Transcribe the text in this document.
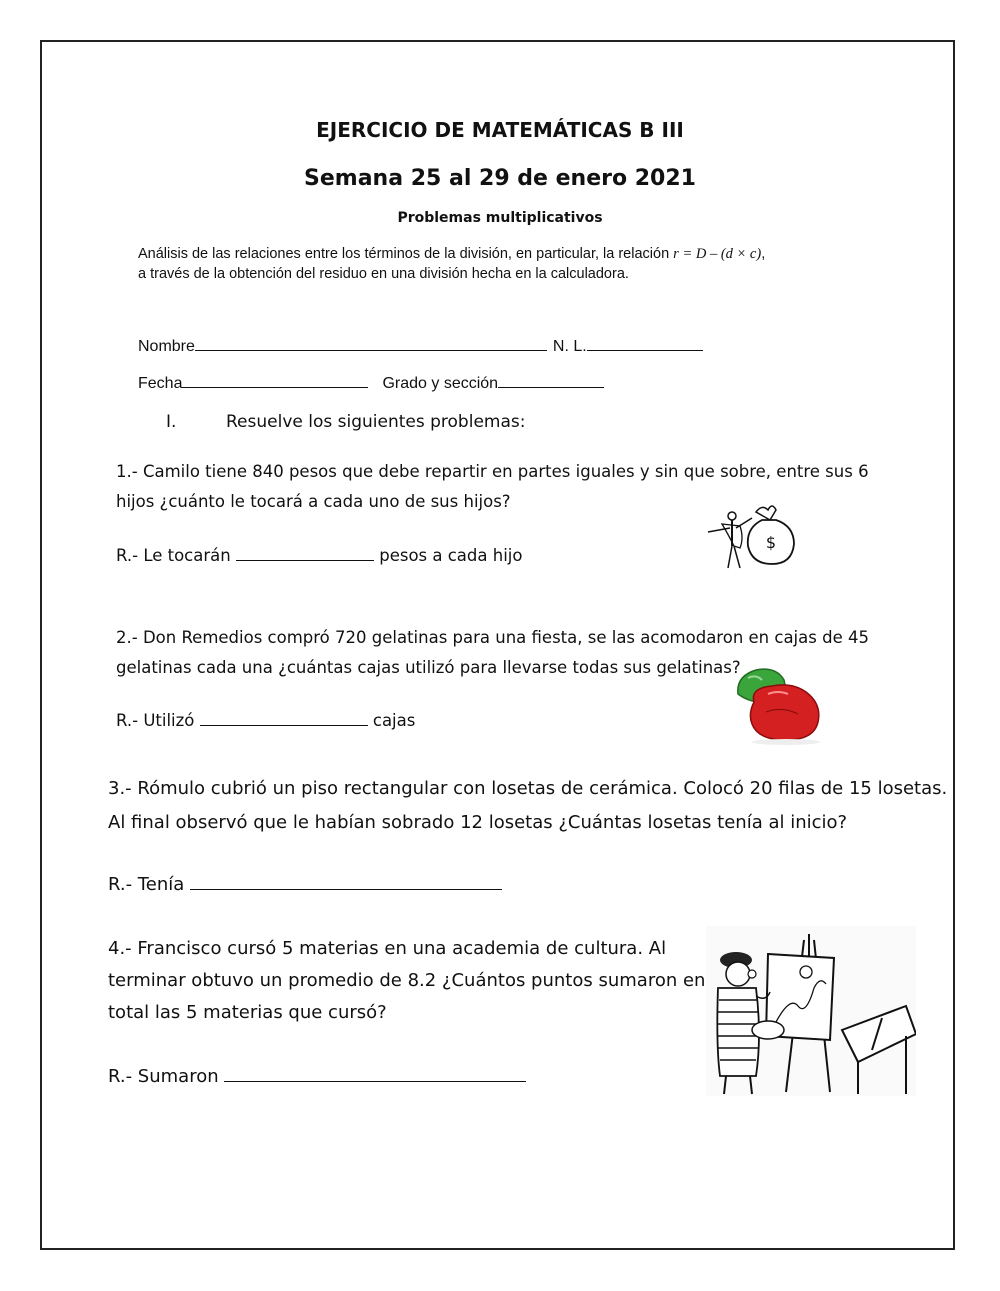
EJERCICIO DE MATEMÁTICAS B III
Semana 25 al 29 de enero 2021
Problemas multiplicativos
Análisis de las relaciones entre los términos de la división, en particular, la relación r = D – (d × c),
a través de la obtención del residuo en una división hecha en la calculadora.
Nombre	N. L.
Fecha	Grado y sección
I.	Resuelve los siguientes problemas:
1.- Camilo tiene 840 pesos que debe repartir en partes iguales y sin que sobre, entre sus 6
hijos ¿cuánto le tocará a cada uno de sus hijos?
R.- Le tocarán	pesos a cada hijo
$
2.- Don Remedios compró 720 gelatinas para una fiesta, se las acomodaron en cajas de 45
gelatinas cada una ¿cuántas cajas utilizó para llevarse todas sus gelatinas?
R.- Utilizó	cajas
3.- Rómulo cubrió un piso rectangular con losetas de cerámica. Colocó 20 filas de 15 losetas.
Al final observó que le habían sobrado 12 losetas ¿Cuántas losetas tenía al inicio?
R.- Tenía
4.- Francisco cursó 5 materias en una academia de cultura. Al
terminar obtuvo un promedio de 8.2 ¿Cuántos puntos sumaron en
total las 5 materias que cursó?
R.- Sumaron
